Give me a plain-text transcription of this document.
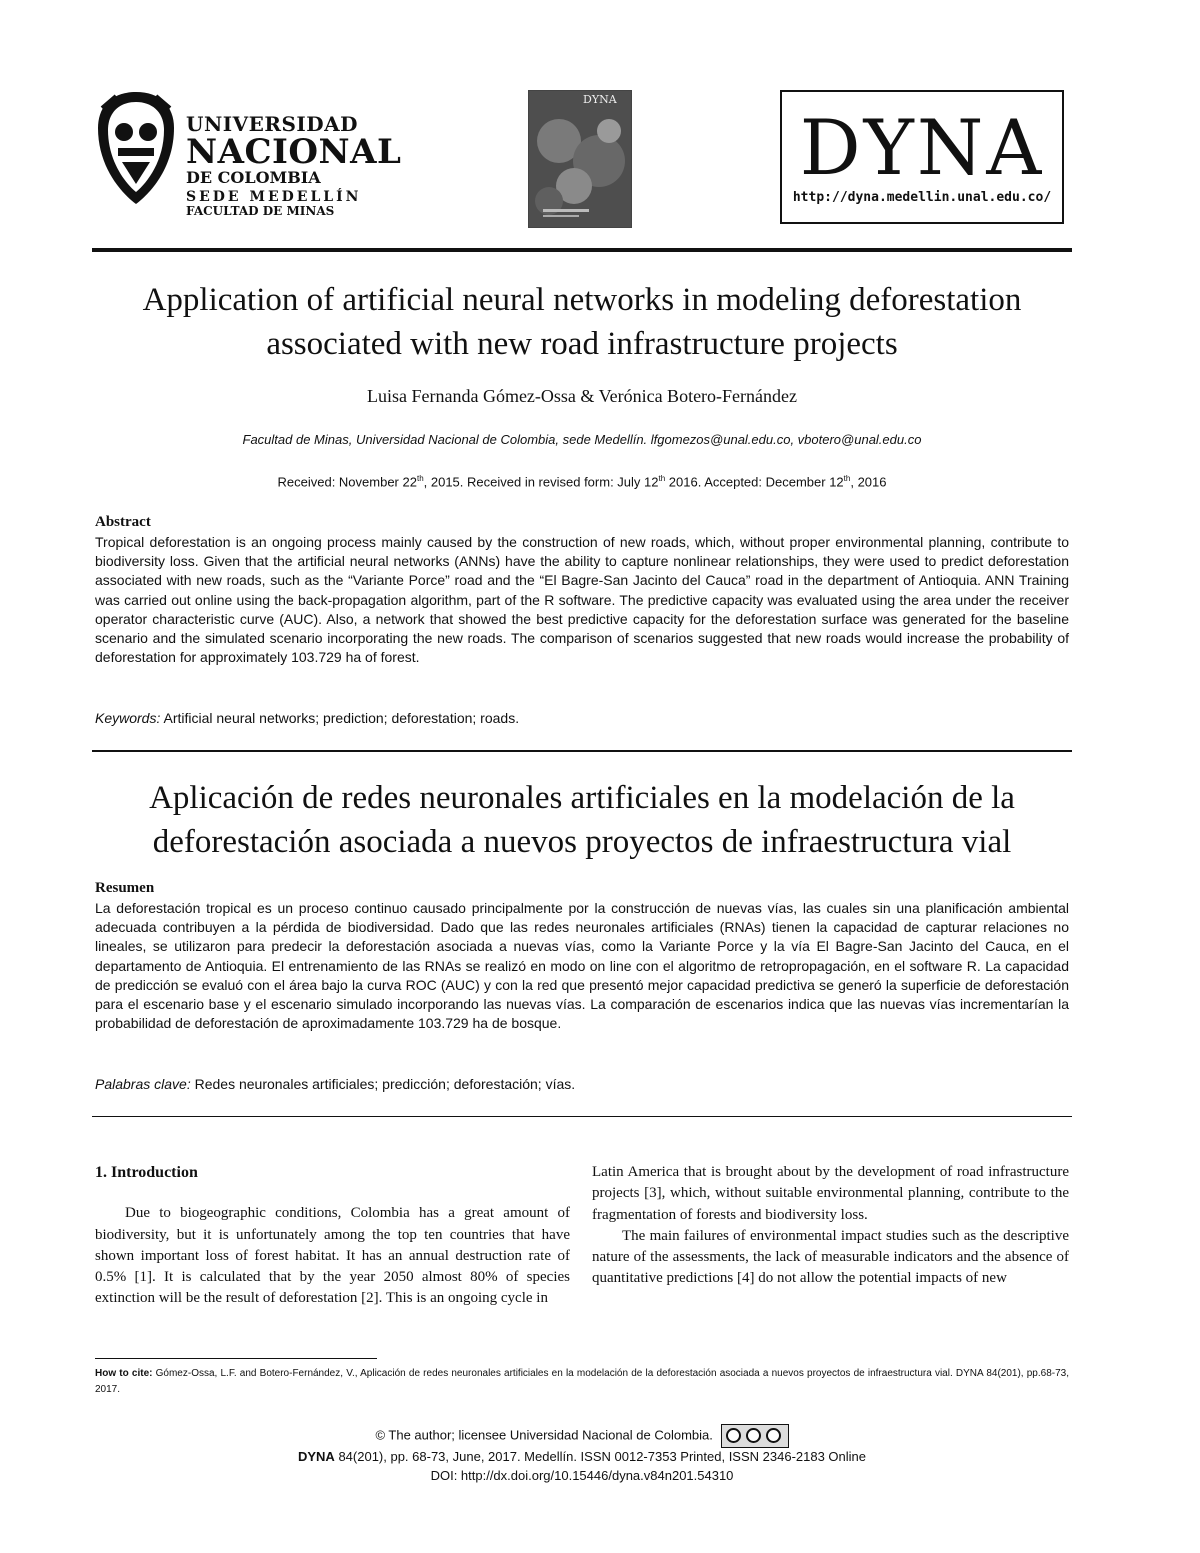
UNIVERSIDAD
NACIONAL
DE COLOMBIA
SEDE MEDELLÍN
FACULTAD DE MINAS
DYNA
DYNA
http://dyna.medellin.unal.edu.co/
Application of artificial neural networks in modeling deforestation
associated with new road infrastructure projects
Luisa Fernanda Gómez-Ossa & Verónica Botero-Fernández
Facultad de Minas, Universidad Nacional de Colombia, sede Medellín. lfgomezos@unal.edu.co, vbotero@unal.edu.co
Received: November 22th, 2015. Received in revised form: July 12th 2016. Accepted: December 12th, 2016
Abstract
Tropical deforestation is an ongoing process mainly caused by the construction of new roads, which, without proper environmental planning, contribute to biodiversity loss. Given that the artificial neural networks (ANNs) have the ability to capture nonlinear relationships, they were used to predict deforestation associated with new roads, such as the “Variante Porce” road and the “El Bagre-San Jacinto del Cauca” road in the department of Antioquia. ANN Training was carried out online using the back-propagation algorithm, part of the R software. The predictive capacity was evaluated using the area under the receiver operator characteristic curve (AUC). Also, a network that showed the best predictive capacity for the deforestation surface was generated for the baseline scenario and the simulated scenario incorporating the new roads. The comparison of scenarios suggested that new roads would increase the probability of deforestation for approximately 103.729 ha of forest.
Keywords: Artificial neural networks; prediction; deforestation; roads.
Aplicación de redes neuronales artificiales en la modelación de la
deforestación asociada a nuevos proyectos de infraestructura vial
Resumen
La deforestación tropical es un proceso continuo causado principalmente por la construcción de nuevas vías, las cuales sin una planificación ambiental adecuada contribuyen a la pérdida de biodiversidad. Dado que las redes neuronales artificiales (RNAs) tienen la capacidad de capturar relaciones no lineales, se utilizaron para predecir la deforestación asociada a nuevas vías, como la Variante Porce y la vía El Bagre-San Jacinto del Cauca, en el departamento de Antioquia. El entrenamiento de las RNAs se realizó en modo on line con el algoritmo de retropropagación, en el software R. La capacidad de predicción se evaluó con el área bajo la curva ROC (AUC) y con la red que presentó mejor capacidad predictiva se generó la superficie de deforestación para el escenario base y el escenario simulado incorporando las nuevas vías. La comparación de escenarios indica que las nuevas vías incrementarían la probabilidad de deforestación de aproximadamente 103.729 ha de bosque.
Palabras clave: Redes neuronales artificiales; predicción; deforestación; vías.
1. Introduction

Due to biogeographic conditions, Colombia has a great amount of biodiversity, but it is unfortunately among the top ten countries that have shown important loss of forest habitat. It has an annual destruction rate of 0.5% [1]. It is calculated that by the year 2050 almost 80% of species extinction will be the result of deforestation [2]. This is an ongoing cycle in

Latin America that is brought about by the development of road infrastructure projects [3], which, without suitable environmental planning, contribute to the fragmentation of forests and biodiversity loss.

The main failures of environmental impact studies such as the descriptive nature of the assessments, the lack of measurable indicators and the absence of quantitative predictions [4] do not allow the potential impacts of new

How to cite: Gómez-Ossa, L.F. and Botero-Fernández, V., Aplicación de redes neuronales artificiales en la modelación de la deforestación asociada a nuevos proyectos de infraestructura vial. DYNA 84(201), pp.68-73, 2017.
© The author; licensee Universidad Nacional de Colombia.
DYNA 84(201), pp. 68-73, June, 2017. Medellín. ISSN 0012-7353 Printed, ISSN 2346-2183 Online
DOI: http://dx.doi.org/10.15446/dyna.v84n201.54310
